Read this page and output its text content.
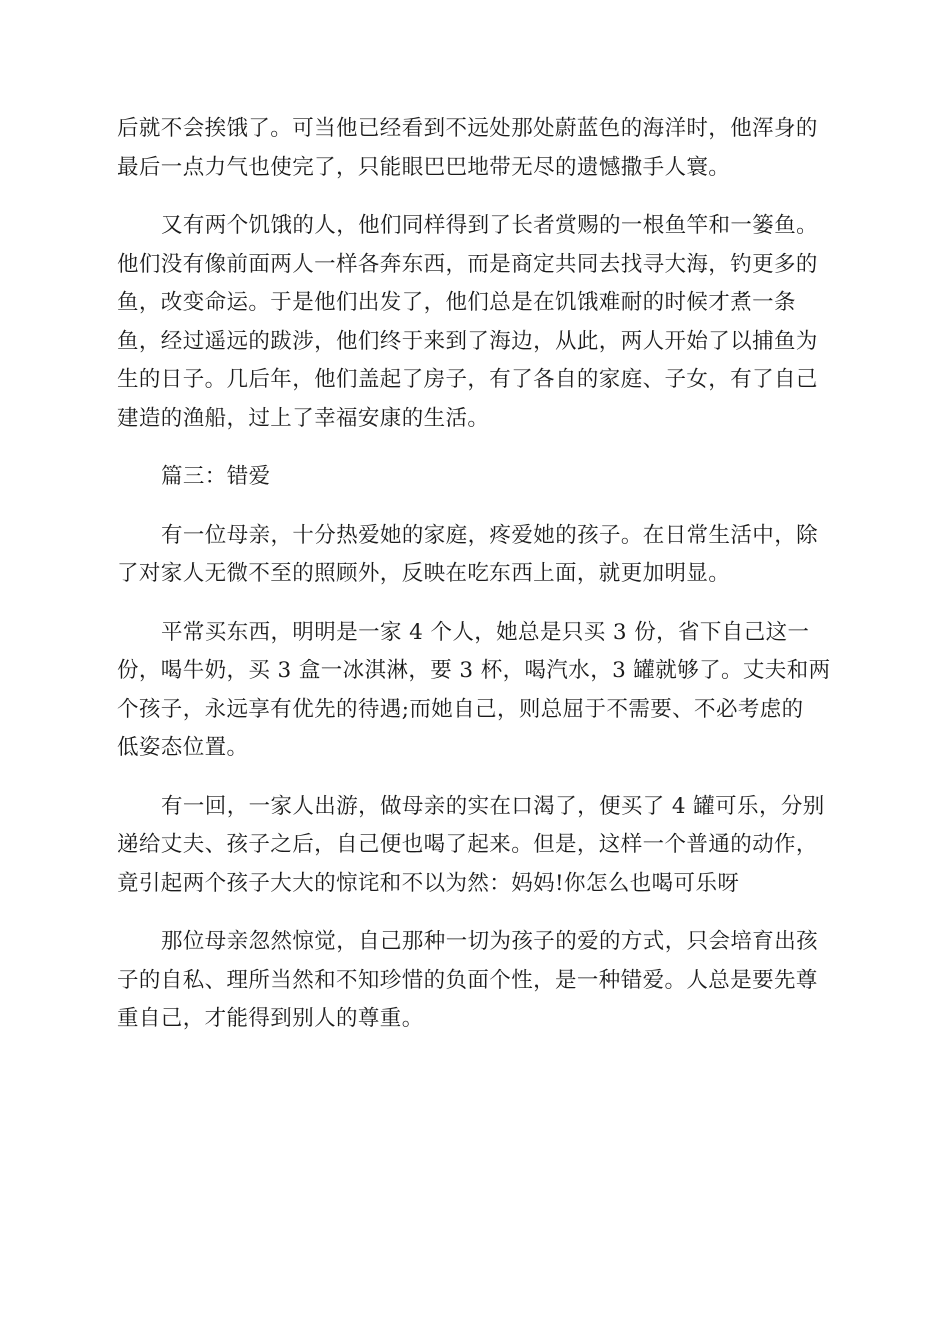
后就不会挨饿了。可当他已经看到不远处那处蔚蓝色的海洋时，他浑身的
最后一点力气也使完了，只能眼巴巴地带无尽的遗憾撒手人寰。
又有两个饥饿的人，他们同样得到了长者赏赐的一根鱼竿和一篓鱼。
他们没有像前面两人一样各奔东西，而是商定共同去找寻大海，钓更多的
鱼，改变命运。于是他们出发了，他们总是在饥饿难耐的时候才煮一条
鱼，经过遥远的跋涉，他们终于来到了海边，从此，两人开始了以捕鱼为
生的日子。几后年，他们盖起了房子，有了各自的家庭、子女，有了自己
建造的渔船，过上了幸福安康的生活。
篇三：错爱
有一位母亲，十分热爱她的家庭，疼爱她的孩子。在日常生活中，除
了对家人无微不至的照顾外，反映在吃东西上面，就更加明显。
平常买东西，明明是一家 4 个人，她总是只买 3 份，省下自己这一
份，喝牛奶，买 3 盒一冰淇淋，要 3 杯，喝汽水，3 罐就够了。丈夫和两
个孩子，永远享有优先的待遇;而她自己，则总屈于不需要、不必考虑的
低姿态位置。
有一回，一家人出游，做母亲的实在口渴了，便买了 4 罐可乐，分别
递给丈夫、孩子之后，自己便也喝了起来。但是，这样一个普通的动作，
竟引起两个孩子大大的惊诧和不以为然：妈妈!你怎么也喝可乐呀
那位母亲忽然惊觉，自己那种一切为孩子的爱的方式，只会培育出孩
子的自私、理所当然和不知珍惜的负面个性，是一种错爱。人总是要先尊
重自己，才能得到别人的尊重。
